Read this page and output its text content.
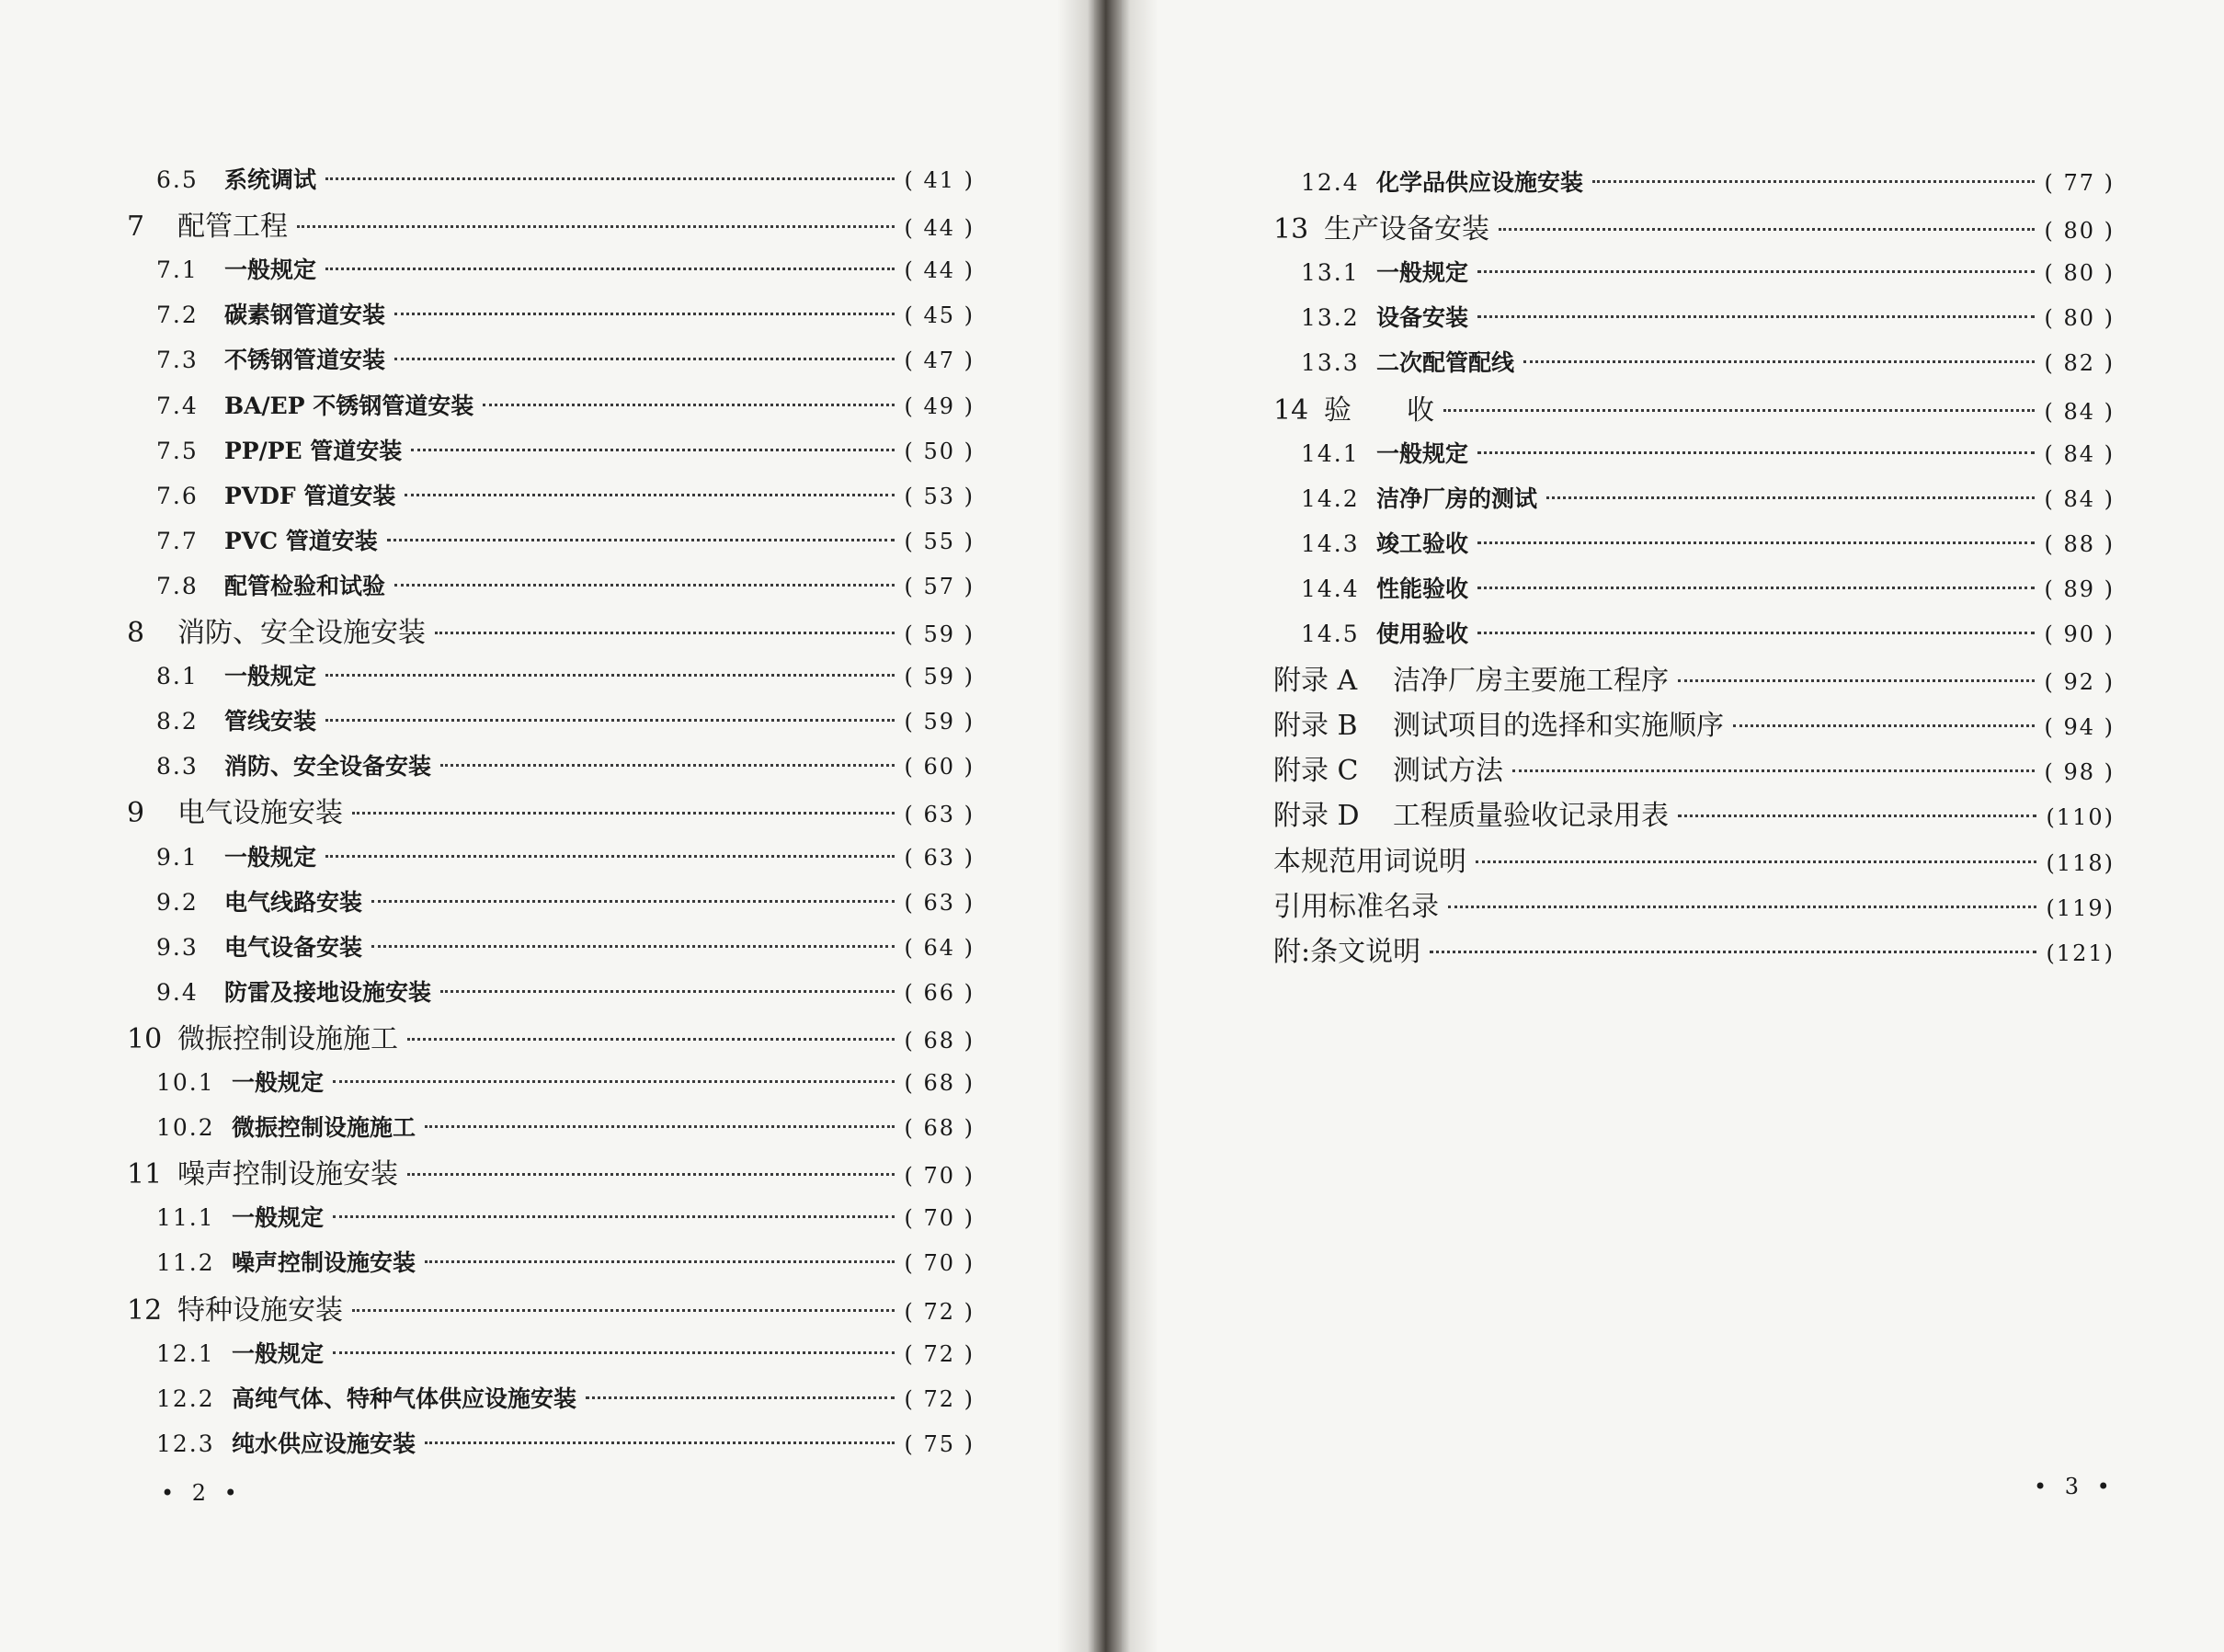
6.5	系统调试	( 41 )
7	配管工程	( 44 )
7.1	一般规定	( 44 )
7.2	碳素钢管道安装	( 45 )
7.3	不锈钢管道安装	( 47 )
7.4	BA/EP 不锈钢管道安装	( 49 )
7.5	PP/PE 管道安装	( 50 )
7.6	PVDF 管道安装	( 53 )
7.7	PVC 管道安装	( 55 )
7.8	配管检验和试验	( 57 )
8	消防、安全设施安装	( 59 )
8.1	一般规定	( 59 )
8.2	管线安装	( 59 )
8.3	消防、安全设备安装	( 60 )
9	电气设施安装	( 63 )
9.1	一般规定	( 63 )
9.2	电气线路安装	( 63 )
9.3	电气设备安装	( 64 )
9.4	防雷及接地设施安装	( 66 )
10 微振控制设施施工	( 68 )
10.1 一般规定	( 68 )
10.2 微振控制设施施工	( 68 )
11 噪声控制设施安装	( 70 )
11.1 一般规定	( 70 )
11.2 噪声控制设施安装	( 70 )
12 特种设施安装	( 72 )
12.1 一般规定	( 72 )
12.2 高纯气体、特种气体供应设施安装	( 72 )
12.3 纯水供应设施安装	( 75 )
12.4 化学品供应设施安装	( 77 )
13 生产设备安装	( 80 )
13.1 一般规定	( 80 )
13.2 设备安装	( 80 )
13.3 二次配管配线	( 82 )
14 验　　收	( 84 )
14.1 一般规定	( 84 )
14.2 洁净厂房的测试	( 84 )
14.3 竣工验收	( 88 )
14.4 性能验收	( 89 )
14.5 使用验收	( 90 )
附录 A	洁净厂房主要施工程序	( 92 )
附录 B	测试项目的选择和实施顺序	( 94 )
附录 C	测试方法	( 98 )
附录 D	工程质量验收记录用表	(110)
本规范用词说明	(118)
引用标准名录	(119)
附:条文说明	(121)
• 2 •	• 3 •
